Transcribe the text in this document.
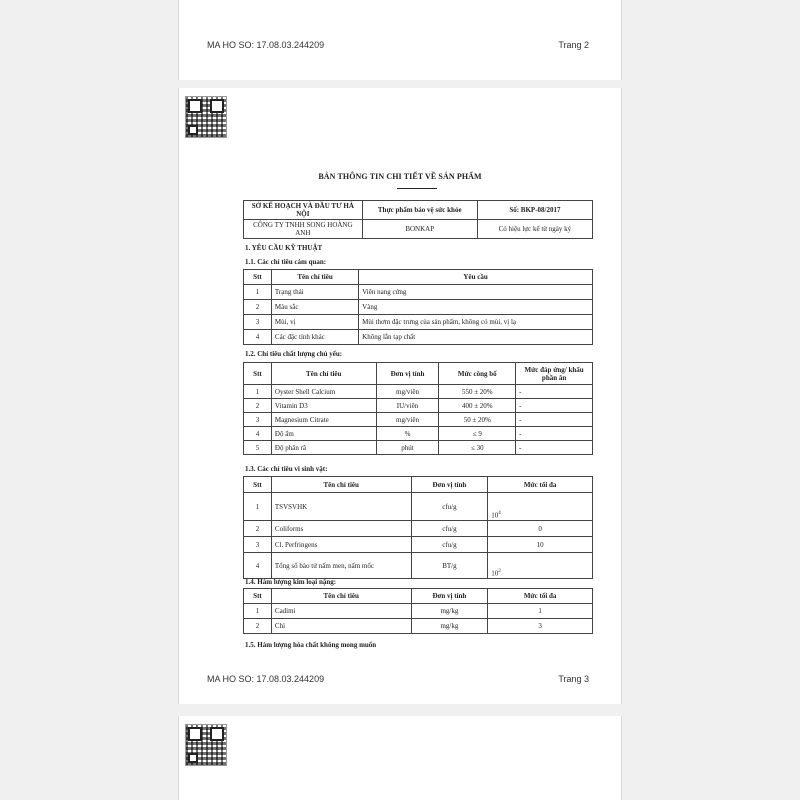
MA HO SO: 17.08.03.244209	Trang 2
BẢN THÔNG TIN CHI TIẾT VỀ SẢN PHẨM
SỞ KẾ HOẠCH VÀ ĐẦU TƯ HÀ NỘI	Thực phẩm bảo vệ sức khỏe	Số: BKP-08/2017
CÔNG TY TNHH SONG HOÀNG ANH	BONKAP	Có hiệu lực kể từ ngày ký
1. YÊU CẦU KỸ THUẬT
1.1. Các chỉ tiêu cảm quan:
Stt	Tên chỉ tiêu	Yêu cầu
1	Trạng thái	Viên nang cứng
2	Màu sắc	Vàng
3	Mùi, vị	Mùi thơm đặc trưng của sản phẩm, không có mùi, vị lạ
4	Các đặc tính khác	Không lẫn tạp chất
1.2. Chỉ tiêu chất lượng chủ yếu:
Stt	Tên chỉ tiêu	Đơn vị tính	Mức công bố	Mức đáp ứng/ khẩu phần ăn
1	Oyster Shell Calcium	mg/viên	550 ± 20%	-
2	Vitamin D3	IU/viên	400 ± 20%	-
3	Magnesium Citrate	mg/viên	50 ± 20%	-
4	Độ ẩm	%	≤ 9	-
5	Độ phân rã	phút	≤ 30	-
1.3. Các chỉ tiêu vi sinh vật:
Stt	Tên chỉ tiêu	Đơn vị tính	Mức tối đa
1	TSVSVHK	cfu/g	$10^4$
2	Coliforms	cfu/g	0
3	Cl. Perfringens	cfu/g	10
4	Tổng số bào tử nấm men, nấm mốc	BT/g	$10^2$
1.4. Hàm lượng kim loại nặng:
Stt	Tên chỉ tiêu	Đơn vị tính	Mức tối đa
1	Cadimi	mg/kg	1
2	Chì	mg/kg	3
1.5. Hàm lượng hóa chất không mong muốn
MA HO SO: 17.08.03.244209	Trang 3
